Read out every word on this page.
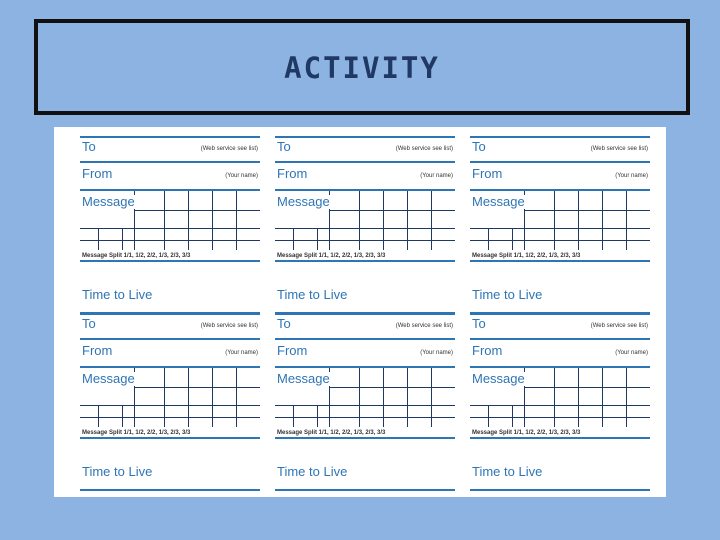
ACTIVITY
To	(Web service see list)
From	(Your name)
Message
Message Split 1/1, 1/2, 2/2, 1/3, 2/3, 3/3
Time to Live
To	(Web service see list)
From	(Your name)
Message
Message Split 1/1, 1/2, 2/2, 1/3, 2/3, 3/3
Time to Live
To	(Web service see list)
From	(Your name)
Message
Message Split 1/1, 1/2, 2/2, 1/3, 2/3, 3/3
Time to Live
To	(Web service see list)
From	(Your name)
Message
Message Split 1/1, 1/2, 2/2, 1/3, 2/3, 3/3
Time to Live
To	(Web service see list)
From	(Your name)
Message
Message Split 1/1, 1/2, 2/2, 1/3, 2/3, 3/3
Time to Live
To	(Web service see list)
From	(Your name)
Message
Message Split 1/1, 1/2, 2/2, 1/3, 2/3, 3/3
Time to Live
